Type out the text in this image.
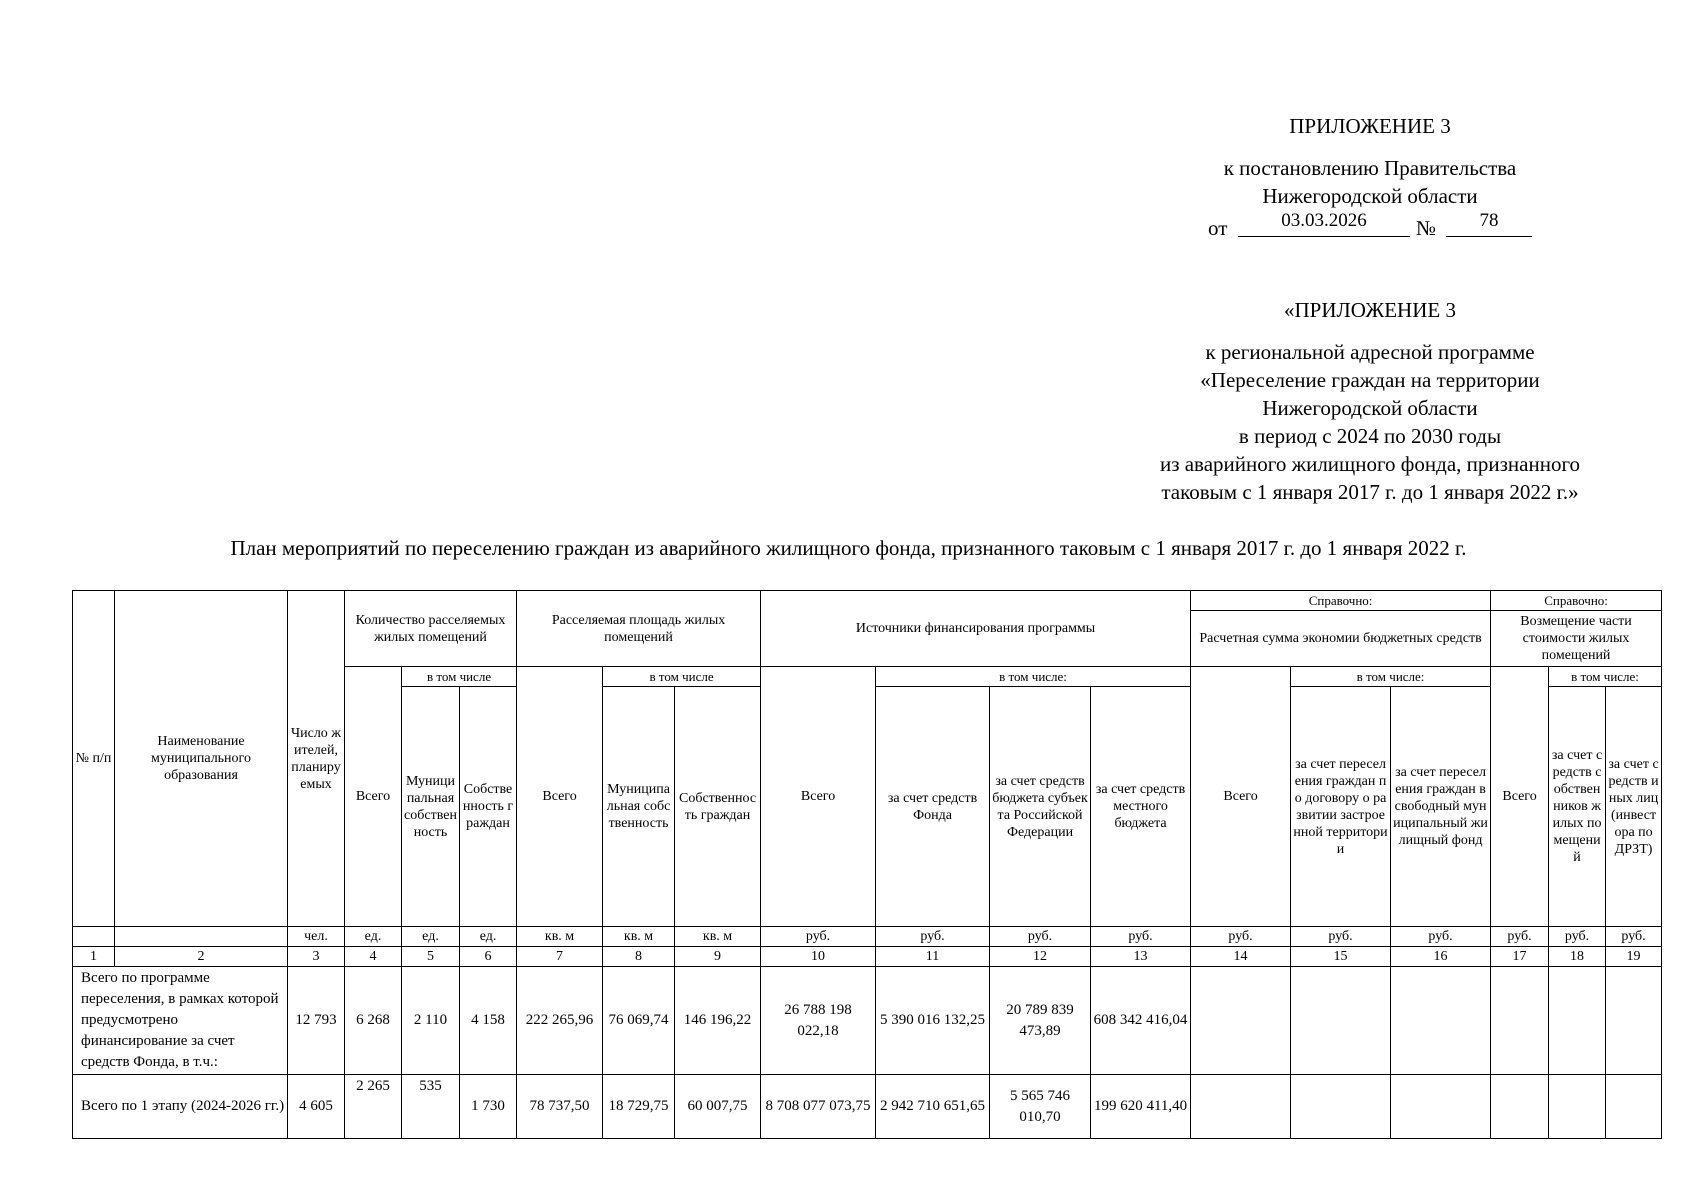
ПРИЛОЖЕНИЕ 3
к постановлению Правительства
Нижегородской области
от	03.03.2026	№	78
«ПРИЛОЖЕНИЕ 3
к региональной адресной программе
«Переселение граждан на территории
Нижегородской области
в период с 2024 по 2030 годы
из аварийного жилищного фонда, признанного
таковым с 1 января 2017 г. до 1 января 2022 г.»
План мероприятий по переселению граждан из аварийного жилищного фонда, признанного таковым с 1 января 2017 г. до 1 января 2022 г.
№ п/п	Наименование муниципального образования	Число жителей, планируемых	Количество расселяемых жилых помещений			Расселяемая площадь жилых помещений			Источники финансирования программы				Справочно:			Справочно:		
													Расчетная сумма экономии бюджетных средств			Возмещение части стоимости жилых помещений		
			Всего	в том числе		Всего	в том числе		Всего	в том числе:			Всего	в том числе:		Всего	в том числе:	
				Муниципальная собственность	Собственность граждан		Муниципальная собственность	Собственность граждан		за счет средств Фонда	за счет средств бюджета субъекта Российской Федерации	за счет средств местного бюджета		за счет переселения граждан по договору о развитии застроенной территории	за счет переселения граждан в свободный муниципальный жилищный фонд		за счет средств собственников жилых помещений	за счет средств иных лиц (инвестора по ДРЗТ)
		чел.	ед.	ед.	ед.	кв. м	кв. м	кв. м	руб.	руб.	руб.	руб.	руб.	руб.	руб.	руб.	руб.	руб.
1	2	3	4	5	6	7	8	9	10	11	12	13	14	15	16	17	18	19
Всего по программе переселения, в рамках которой предусмотрено финансирование за счет средств Фонда, в т.ч.:		12 793	6 268	2 110	4 158	222 265,96	76 069,74	146 196,22	26 788 198 022,18	5 390 016 132,25	20 789 839 473,89	608 342 416,04						
Всего по 1 этапу (2024-2026 гг.)		4 605	2 265	535	1 730	78 737,50	18 729,75	60 007,75	8 708 077 073,75	2 942 710 651,65	5 565 746 010,70	199 620 411,40						
